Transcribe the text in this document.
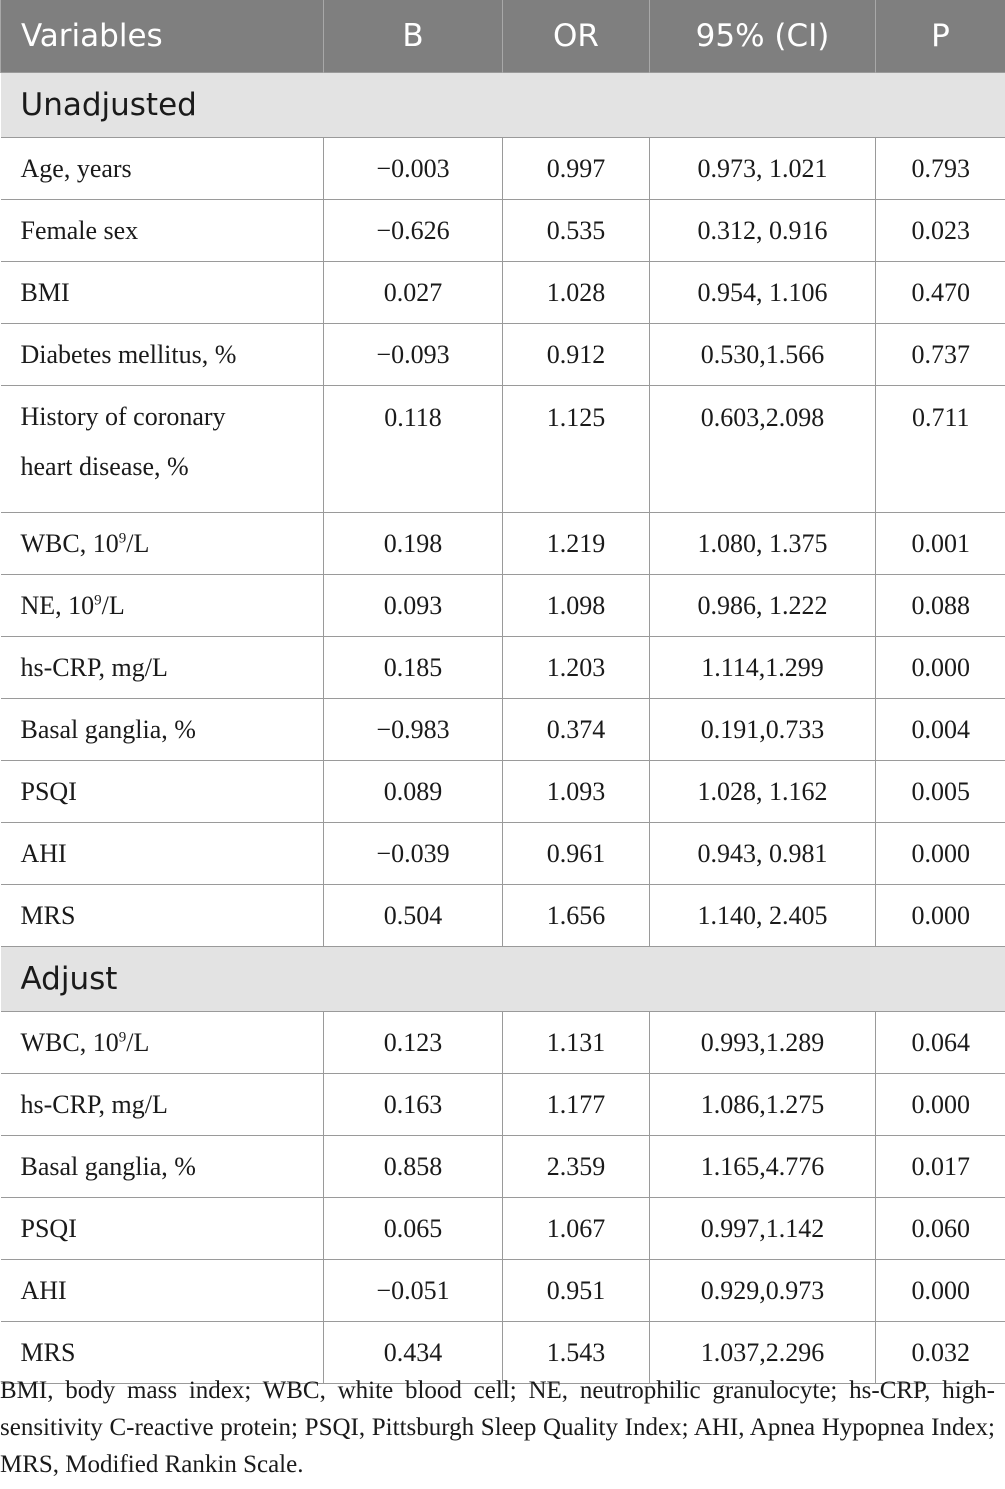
Variables	B	OR	95% (CI)	P
Unadjusted				
Age, years	−0.003	0.997	0.973, 1.021	0.793
Female sex	−0.626	0.535	0.312, 0.916	0.023
BMI	0.027	1.028	0.954, 1.106	0.470
Diabetes mellitus, %	−0.093	0.912	0.530,1.566	0.737
History of coronary
heart disease, %	0.118	1.125	0.603,2.098	0.711
WBC, $10^9/L$	0.198	1.219	1.080, 1.375	0.001
NE, $10^9/L$	0.093	1.098	0.986, 1.222	0.088
hs-CRP, mg/L	0.185	1.203	1.114,1.299	0.000
Basal ganglia, %	−0.983	0.374	0.191,0.733	0.004
PSQI	0.089	1.093	1.028, 1.162	0.005
AHI	−0.039	0.961	0.943, 0.981	0.000
MRS	0.504	1.656	1.140, 2.405	0.000
Adjust				
WBC, $10^9/L$	0.123	1.131	0.993,1.289	0.064
hs-CRP, mg/L	0.163	1.177	1.086,1.275	0.000
Basal ganglia, %	0.858	2.359	1.165,4.776	0.017
PSQI	0.065	1.067	0.997,1.142	0.060
AHI	−0.051	0.951	0.929,0.973	0.000
MRS	0.434	1.543	1.037,2.296	0.032
BMI, body mass index; WBC, white blood cell; NE, neutrophilic granulocyte; hs-CRP, high-sensitivity C-reactive protein; PSQI, Pittsburgh Sleep Quality Index; AHI, Apnea Hypopnea Index; MRS, Modified Rankin Scale.
